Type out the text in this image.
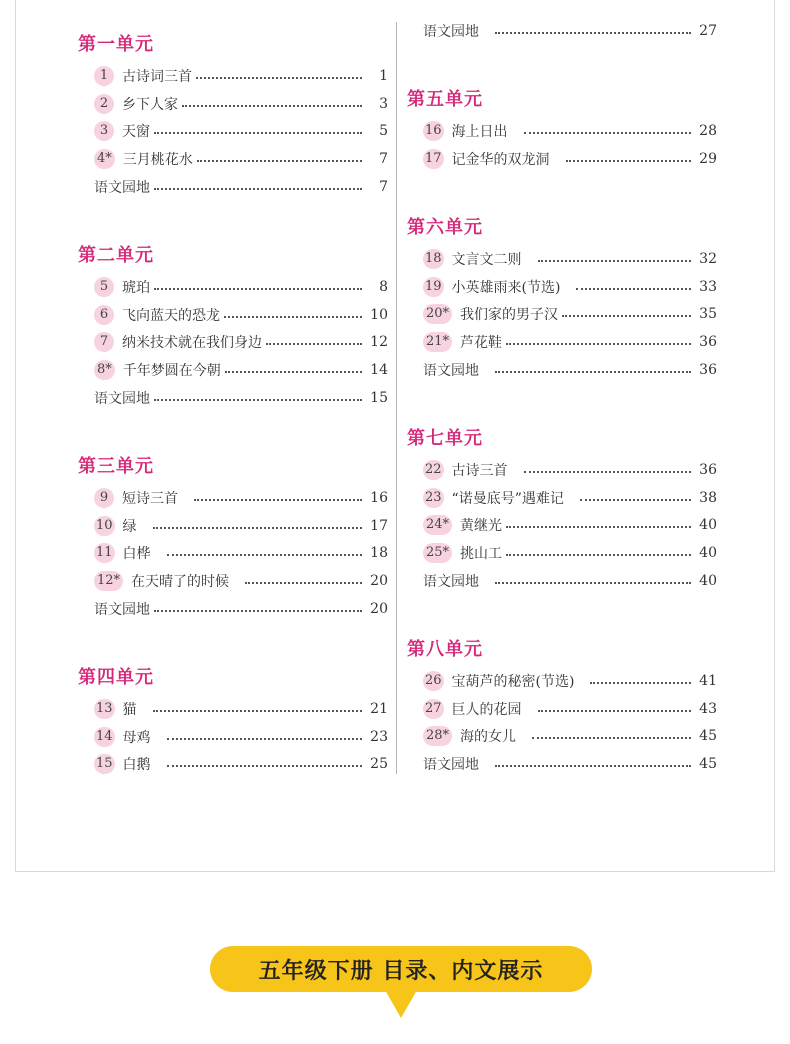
第一单元
1 古诗词三首	1
2 乡下人家	3
3 天窗	5
4* 三月桃花水	7
语文园地	7
第二单元
5 琥珀	8
6 飞向蓝天的恐龙	10
7 纳米技术就在我们身边	12
8* 千年梦圆在今朝	14
语文园地	15
第三单元
9 短诗三首	16
10 绿	17
11 白桦	18
12* 在天晴了的时候	20
语文园地	20
第四单元
13 猫	21
14 母鸡	23
15 白鹅	25
语文园地	27
第五单元
16 海上日出	28
17 记金华的双龙洞	29
第六单元
18 文言文二则	32
19 小英雄雨来(节选)	33
20* 我们家的男子汉	35
21* 芦花鞋	36
语文园地	36
第七单元
22 古诗三首	36
23 “诺曼底号”遇难记	38
24* 黄继光	40
25* 挑山工	40
语文园地	40
第八单元
26 宝葫芦的秘密(节选)	41
27 巨人的花园	43
28* 海的女儿	45
语文园地	45
五年级下册 目录、内文展示
